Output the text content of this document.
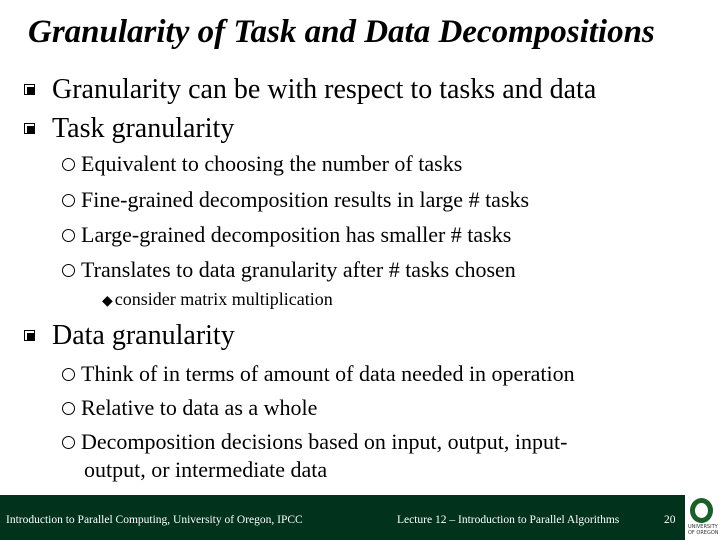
Granularity of Task and Data Decompositions
Granularity can be with respect to tasks and data
Task granularity
Equivalent to choosing the number of tasks
Fine-grained decomposition results in large # tasks
Large-grained decomposition has smaller # tasks
Translates to data granularity after # tasks chosen
◆ consider matrix multiplication
Data granularity
Think of in terms of amount of data needed in operation
Relative to data as a whole
Decomposition decisions based on input, output, input-
output, or intermediate data
Introduction to Parallel Computing, University of Oregon, IPCC	Lecture 12 – Introduction to Parallel Algorithms	20
UNIVERSITY
OF OREGON
